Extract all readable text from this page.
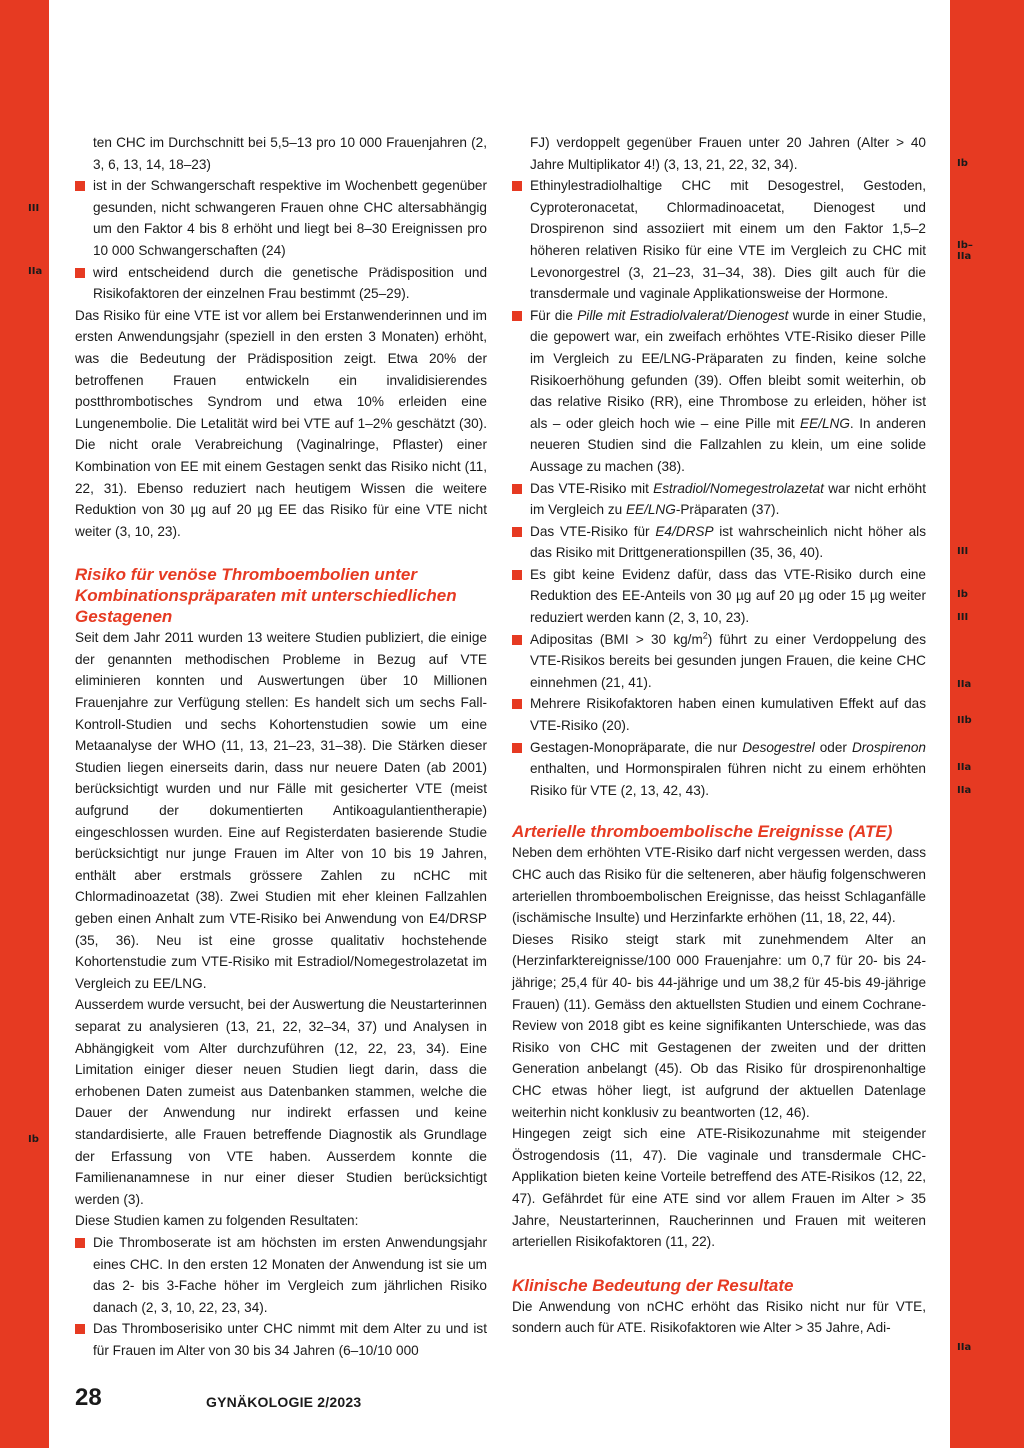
III
IIa
Ib
Ib
Ib–
IIa
III
Ib
III
IIa
IIb
IIa
IIa
IIa
ten CHC im Durchschnitt bei 5,5–13 pro 10 000 Frauenjahren (2, 3, 6, 13, 14, 18–23)
ist in der Schwangerschaft respektive im Wochenbett gegenüber gesunden, nicht schwangeren Frauen ohne CHC altersabhängig um den Faktor 4 bis 8 erhöht und liegt bei 8–30 Ereignissen pro 10 000 Schwangerschaften (24)
wird entscheidend durch die genetische Prädisposition und Risikofaktoren der einzelnen Frau bestimmt (25–29).

Das Risiko für eine VTE ist vor allem bei Erstanwenderinnen und im ersten Anwendungsjahr (speziell in den ersten 3 Monaten) erhöht, was die Bedeutung der Prädisposition zeigt. Etwa 20% der betroffenen Frauen entwickeln ein invalidisierendes postthrombotisches Syndrom und etwa 10% erleiden eine Lungenembolie. Die Letalität wird bei VTE auf 1–2% geschätzt (30). Die nicht orale Verabreichung (Vaginalringe, Pflaster) einer Kombination von EE mit einem Gestagen senkt das Risiko nicht (11, 22, 31). Ebenso reduziert nach heutigem Wissen die weitere Reduktion von 30 µg auf 20 µg EE das Risiko für eine VTE nicht weiter (3, 10, 23).

Risiko für venöse Thromboembolien unter Kombinationspräparaten mit unterschiedlichen Gestagenen

Seit dem Jahr 2011 wurden 13 weitere Studien publiziert, die einige der genannten methodischen Probleme in Bezug auf VTE eliminieren konnten und Auswertungen über 10 Millionen Frauenjahre zur Verfügung stellen: Es handelt sich um sechs Fall-Kontroll-Studien und sechs Kohortenstudien sowie um eine Metaanalyse der WHO (11, 13, 21–23, 31–38). Die Stärken dieser Studien liegen einerseits darin, dass nur neuere Daten (ab 2001) berücksichtigt wurden und nur Fälle mit gesicherter VTE (meist aufgrund der dokumentierten Antikoagulantientherapie) eingeschlossen wurden. Eine auf Registerdaten basierende Studie berücksichtigt nur junge Frauen im Alter von 10 bis 19 Jahren, enthält aber erstmals grössere Zahlen zu nCHC mit Chlormadinoazetat (38). Zwei Studien mit eher kleinen Fallzahlen geben einen Anhalt zum VTE-Risiko bei Anwendung von E4/DRSP (35, 36). Neu ist eine grosse qualitativ hochstehende Kohortenstudie zum VTE-Risiko mit Estradiol/Nomegestrolazetat im Vergleich zu EE/LNG.

Ausserdem wurde versucht, bei der Auswertung die Neustarterinnen separat zu analysieren (13, 21, 22, 32–34, 37) und Analysen in Abhängigkeit vom Alter durchzuführen (12, 22, 23, 34). Eine Limitation einiger dieser neuen Studien liegt darin, dass die erhobenen Daten zumeist aus Datenbanken stammen, welche die Dauer der Anwendung nur indirekt erfassen und keine standardisierte, alle Frauen betreffende Diagnostik als Grundlage der Erfassung von VTE haben. Ausserdem konnte die Familienanamnese in nur einer dieser Studien berücksichtigt werden (3).

Diese Studien kamen zu folgenden Resultaten:

Die Thromboserate ist am höchsten im ersten Anwendungsjahr eines CHC. In den ersten 12 Monaten der Anwendung ist sie um das 2- bis 3-Fache höher im Vergleich zum jährlichen Risiko danach (2, 3, 10, 22, 23, 34).
Das Thromboserisiko unter CHC nimmt mit dem Alter zu und ist für Frauen im Alter von 30 bis 34 Jahren (6–10/10 000
FJ) verdoppelt gegenüber Frauen unter 20 Jahren (Alter > 40 Jahre Multiplikator 4!) (3, 13, 21, 22, 32, 34).
Ethinylestradiolhaltige CHC mit Desogestrel, Gestoden, Cyproteronacetat, Chlormadinoacetat, Dienogest und Drospirenon sind assoziiert mit einem um den Faktor 1,5–2 höheren relativen Risiko für eine VTE im Vergleich zu CHC mit Levonorgestrel (3, 21–23, 31–34, 38). Dies gilt auch für die transdermale und vaginale Applikationsweise der Hormone.
Für die Pille mit Estradiolvalerat/Dienogest wurde in einer Studie, die gepowert war, ein zweifach erhöhtes VTE-Risiko dieser Pille im Vergleich zu EE/LNG-Präparaten zu finden, keine solche Risikoerhöhung gefunden (39). Offen bleibt somit weiterhin, ob das relative Risiko (RR), eine Thrombose zu erleiden, höher ist als – oder gleich hoch wie – eine Pille mit EE/LNG. In anderen neueren Studien sind die Fallzahlen zu klein, um eine solide Aussage zu machen (38).
Das VTE-Risiko mit Estradiol/Nomegestrolazetat war nicht erhöht im Vergleich zu EE/LNG-Präparaten (37).
Das VTE-Risiko für E4/DRSP ist wahrscheinlich nicht höher als das Risiko mit Drittgenerationspillen (35, 36, 40).
Es gibt keine Evidenz dafür, dass das VTE-Risiko durch eine Reduktion des EE-Anteils von 30 µg auf 20 µg oder 15 µg weiter reduziert werden kann (2, 3, 10, 23).
Adipositas (BMI > 30 $kg/m^2$) führt zu einer Verdoppelung des VTE-Risikos bereits bei gesunden jungen Frauen, die keine CHC einnehmen (21, 41).
Mehrere Risikofaktoren haben einen kumulativen Effekt auf das VTE-Risiko (20).
Gestagen-Monopräparate, die nur Desogestrel oder Drospirenon enthalten, und Hormonspiralen führen nicht zu einem erhöhten Risiko für VTE (2, 13, 42, 43).
Arterielle thromboembolische Ereignisse (ATE)

Neben dem erhöhten VTE-Risiko darf nicht vergessen werden, dass CHC auch das Risiko für die selteneren, aber häufig folgenschweren arteriellen thromboembolischen Ereignisse, das heisst Schlaganfälle (ischämische Insulte) und Herzinfarkte erhöhen (11, 18, 22, 44).

Dieses Risiko steigt stark mit zunehmendem Alter an (Herzinfarktereignisse/100 000 Frauenjahre: um 0,7 für 20- bis 24-jährige; 25,4 für 40- bis 44-jährige und um 38,2 für 45-bis 49-jährige Frauen) (11). Gemäss den aktuellsten Studien und einem Cochrane-Review von 2018 gibt es keine signifikanten Unterschiede, was das Risiko von CHC mit Gestagenen der zweiten und der dritten Generation anbelangt (45). Ob das Risiko für drospirenonhaltige CHC etwas höher liegt, ist aufgrund der aktuellen Datenlage weiterhin nicht konklusiv zu beantworten (12, 46).

Hingegen zeigt sich eine ATE-Risikozunahme mit steigender Östrogendosis (11, 47). Die vaginale und transdermale CHC-Applikation bieten keine Vorteile betreffend des ATE-Risikos (12, 22, 47). Gefährdet für eine ATE sind vor allem Frauen im Alter > 35 Jahre, Neustarterinnen, Raucherinnen und Frauen mit weiteren arteriellen Risikofaktoren (11, 22).

Klinische Bedeutung der Resultate

Die Anwendung von nCHC erhöht das Risiko nicht nur für VTE, sondern auch für ATE. Risikofaktoren wie Alter > 35 Jahre, Adi-

28	GYNÄKOLOGIE 2/2023
